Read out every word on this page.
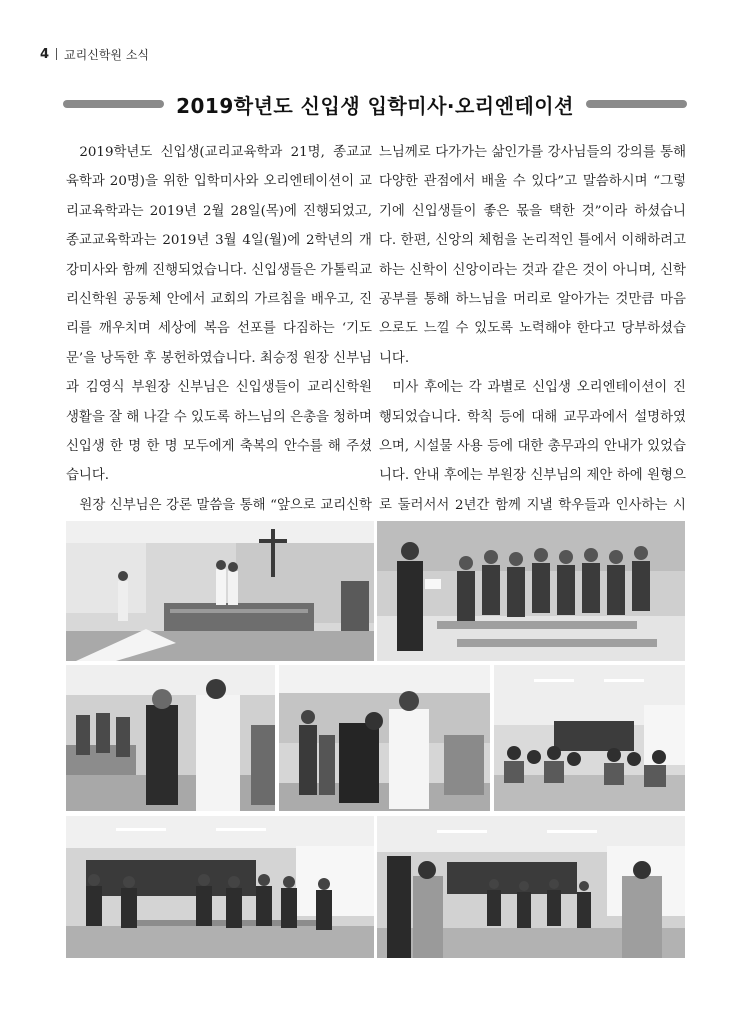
4 교리신학원 소식
2019학년도 신입생 입학미사·오리엔테이션

2019학년도 신입생(교리교육학과 21명, 종교교육학과 20명)을 위한 입학미사와 오리엔테이션이 교리교육학과는 2019년 2월 28일(목)에 진행되었고, 종교교육학과는 2019년 3월 4일(월)에 2학년의 개강미사와 함께 진행되었습니다. 신입생들은 가톨릭교리신학원 공동체 안에서 교회의 가르침을 배우고, 진리를 깨우치며 세상에 복음 선포를 다짐하는 ‘기도문’을 낭독한 후 봉헌하였습니다. 최승정 원장 신부님과 김영식 부원장 신부님은 신입생들이 교리신학원 생활을 잘 해 나갈 수 있도록 하느님의 은총을 청하며 신입생 한 명 한 명 모두에게 축복의 안수를 해 주셨습니다.

원장 신부님은 강론 말씀을 통해 “앞으로 교리신학

느님께로 다가가는 삶인가를 강사님들의 강의를 통해 다양한 관점에서 배울 수 있다”고 말씀하시며 “그렇기에 신입생들이 좋은 몫을 택한 것”이라 하셨습니다. 한편, 신앙의 체험을 논리적인 틀에서 이해하려고 하는 신학이 신앙이라는 것과 같은 것이 아니며, 신학 공부를 통해 하느님을 머리로 알아가는 것만큼 마음으로도 느낄 수 있도록 노력해야 한다고 당부하셨습니다.

미사 후에는 각 과별로 신입생 오리엔테이션이 진행되었습니다. 학칙 등에 대해 교무과에서 설명하였으며, 시설물 사용 등에 대한 총무과의 안내가 있었습니다. 안내 후에는 부원장 신부님의 제안 하에 원형으로 둘러서서 2년간 함께 지낼 학우들과 인사하는 시
